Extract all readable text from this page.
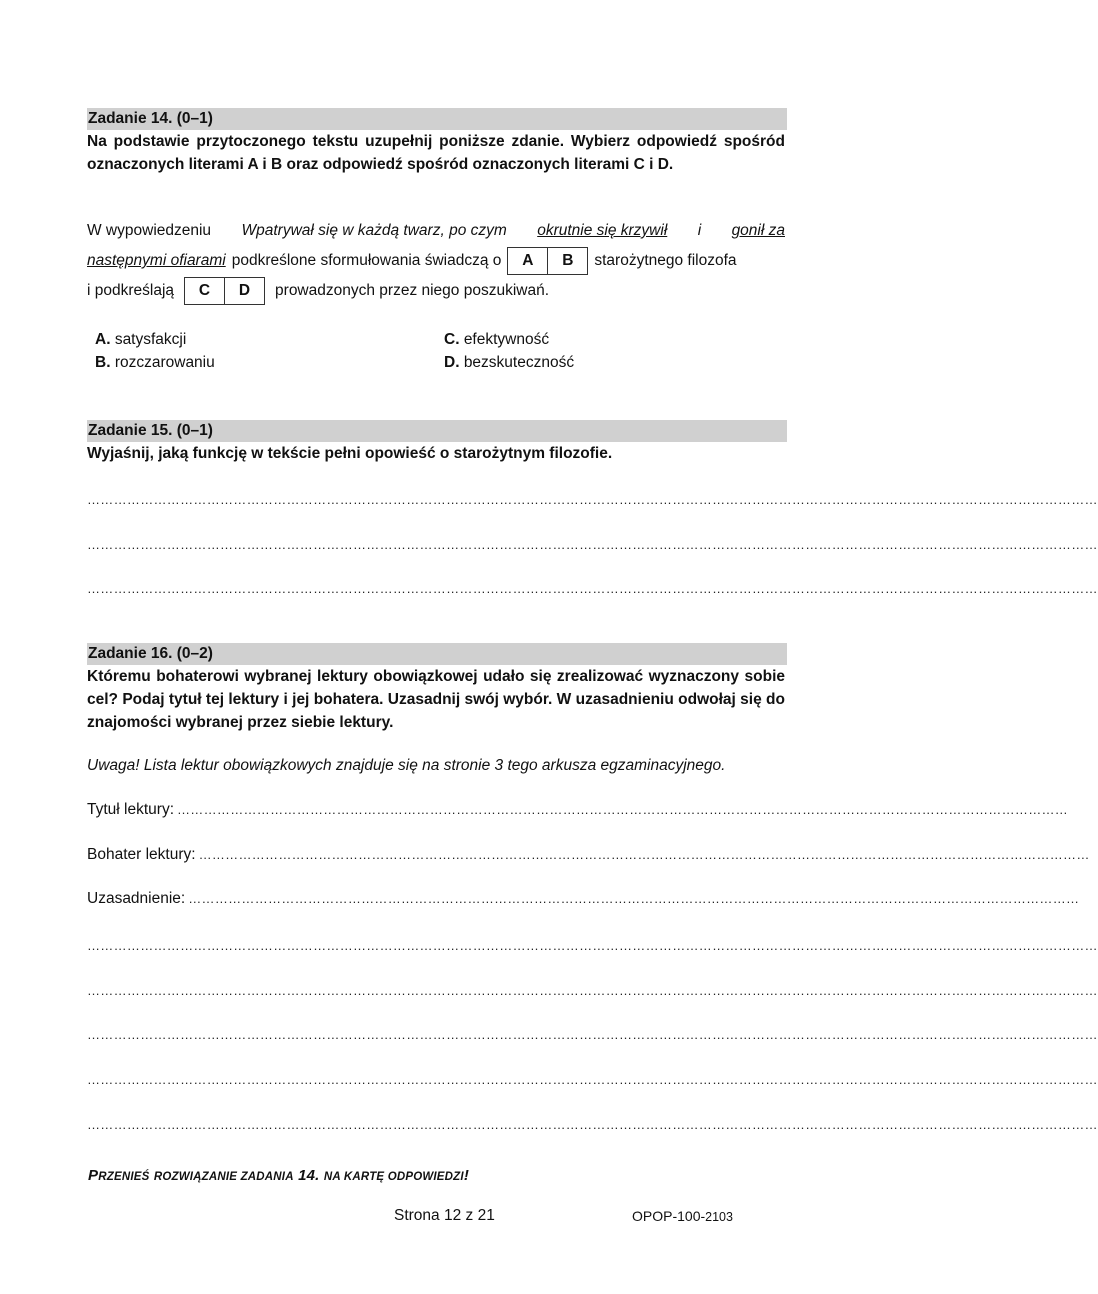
Zadanie 14. (0–1)
Na podstawie przytoczonego tekstu uzupełnij poniższe zdanie. Wybierz odpowiedź spośród oznaczonych literami A i B oraz odpowiedź spośród oznaczonych literami C i D.
W wypowiedzeniu Wpatrywał się w każdą twarz, po czym okrutnie się krzywił i gonił za
następnymi ofiarami podkreślone sformułowania świadczą o	A	B	starożytnego filozofa
i podkreślają	C	D	prowadzonych przez niego poszukiwań.
A. satysfakcji
B. rozczarowaniu
C. efektywność
D. bezskuteczność
Zadanie 15. (0–1)
Wyjaśnij, jaką funkcję w tekście pełni opowieść o starożytnym filozofie.
…………………………………………………………………………………………………………………………………………………………………………………………………………
…………………………………………………………………………………………………………………………………………………………………………………………………………
…………………………………………………………………………………………………………………………………………………………………………………………………………
Zadanie 16. (0–2)
Któremu bohaterowi wybranej lektury obowiązkowej udało się zrealizować wyznaczony sobie cel? Podaj tytuł tej lektury i jej bohatera. Uzasadnij swój wybór. W uzasadnieniu odwołaj się do znajomości wybranej przez siebie lektury.
Uwaga! Lista lektur obowiązkowych znajduje się na stronie 3 tego arkusza egzaminacyjnego.
Tytuł lektury: …………………………………………………………………………………………………………………………………………………………………………………
Bohater lektury: …………………………………………………………………………………………………………………………………………………………………………………
Uzasadnienie: …………………………………………………………………………………………………………………………………………………………………………………
…………………………………………………………………………………………………………………………………………………………………………………………………………
…………………………………………………………………………………………………………………………………………………………………………………………………………
…………………………………………………………………………………………………………………………………………………………………………………………………………
…………………………………………………………………………………………………………………………………………………………………………………………………………
…………………………………………………………………………………………………………………………………………………………………………………………………………
PRZENIEŚ ROZWIĄZANIE ZADANIA 14. NA KARTĘ ODPOWIEDZI!
Strona 12 z 21	OPOP-100-2103
